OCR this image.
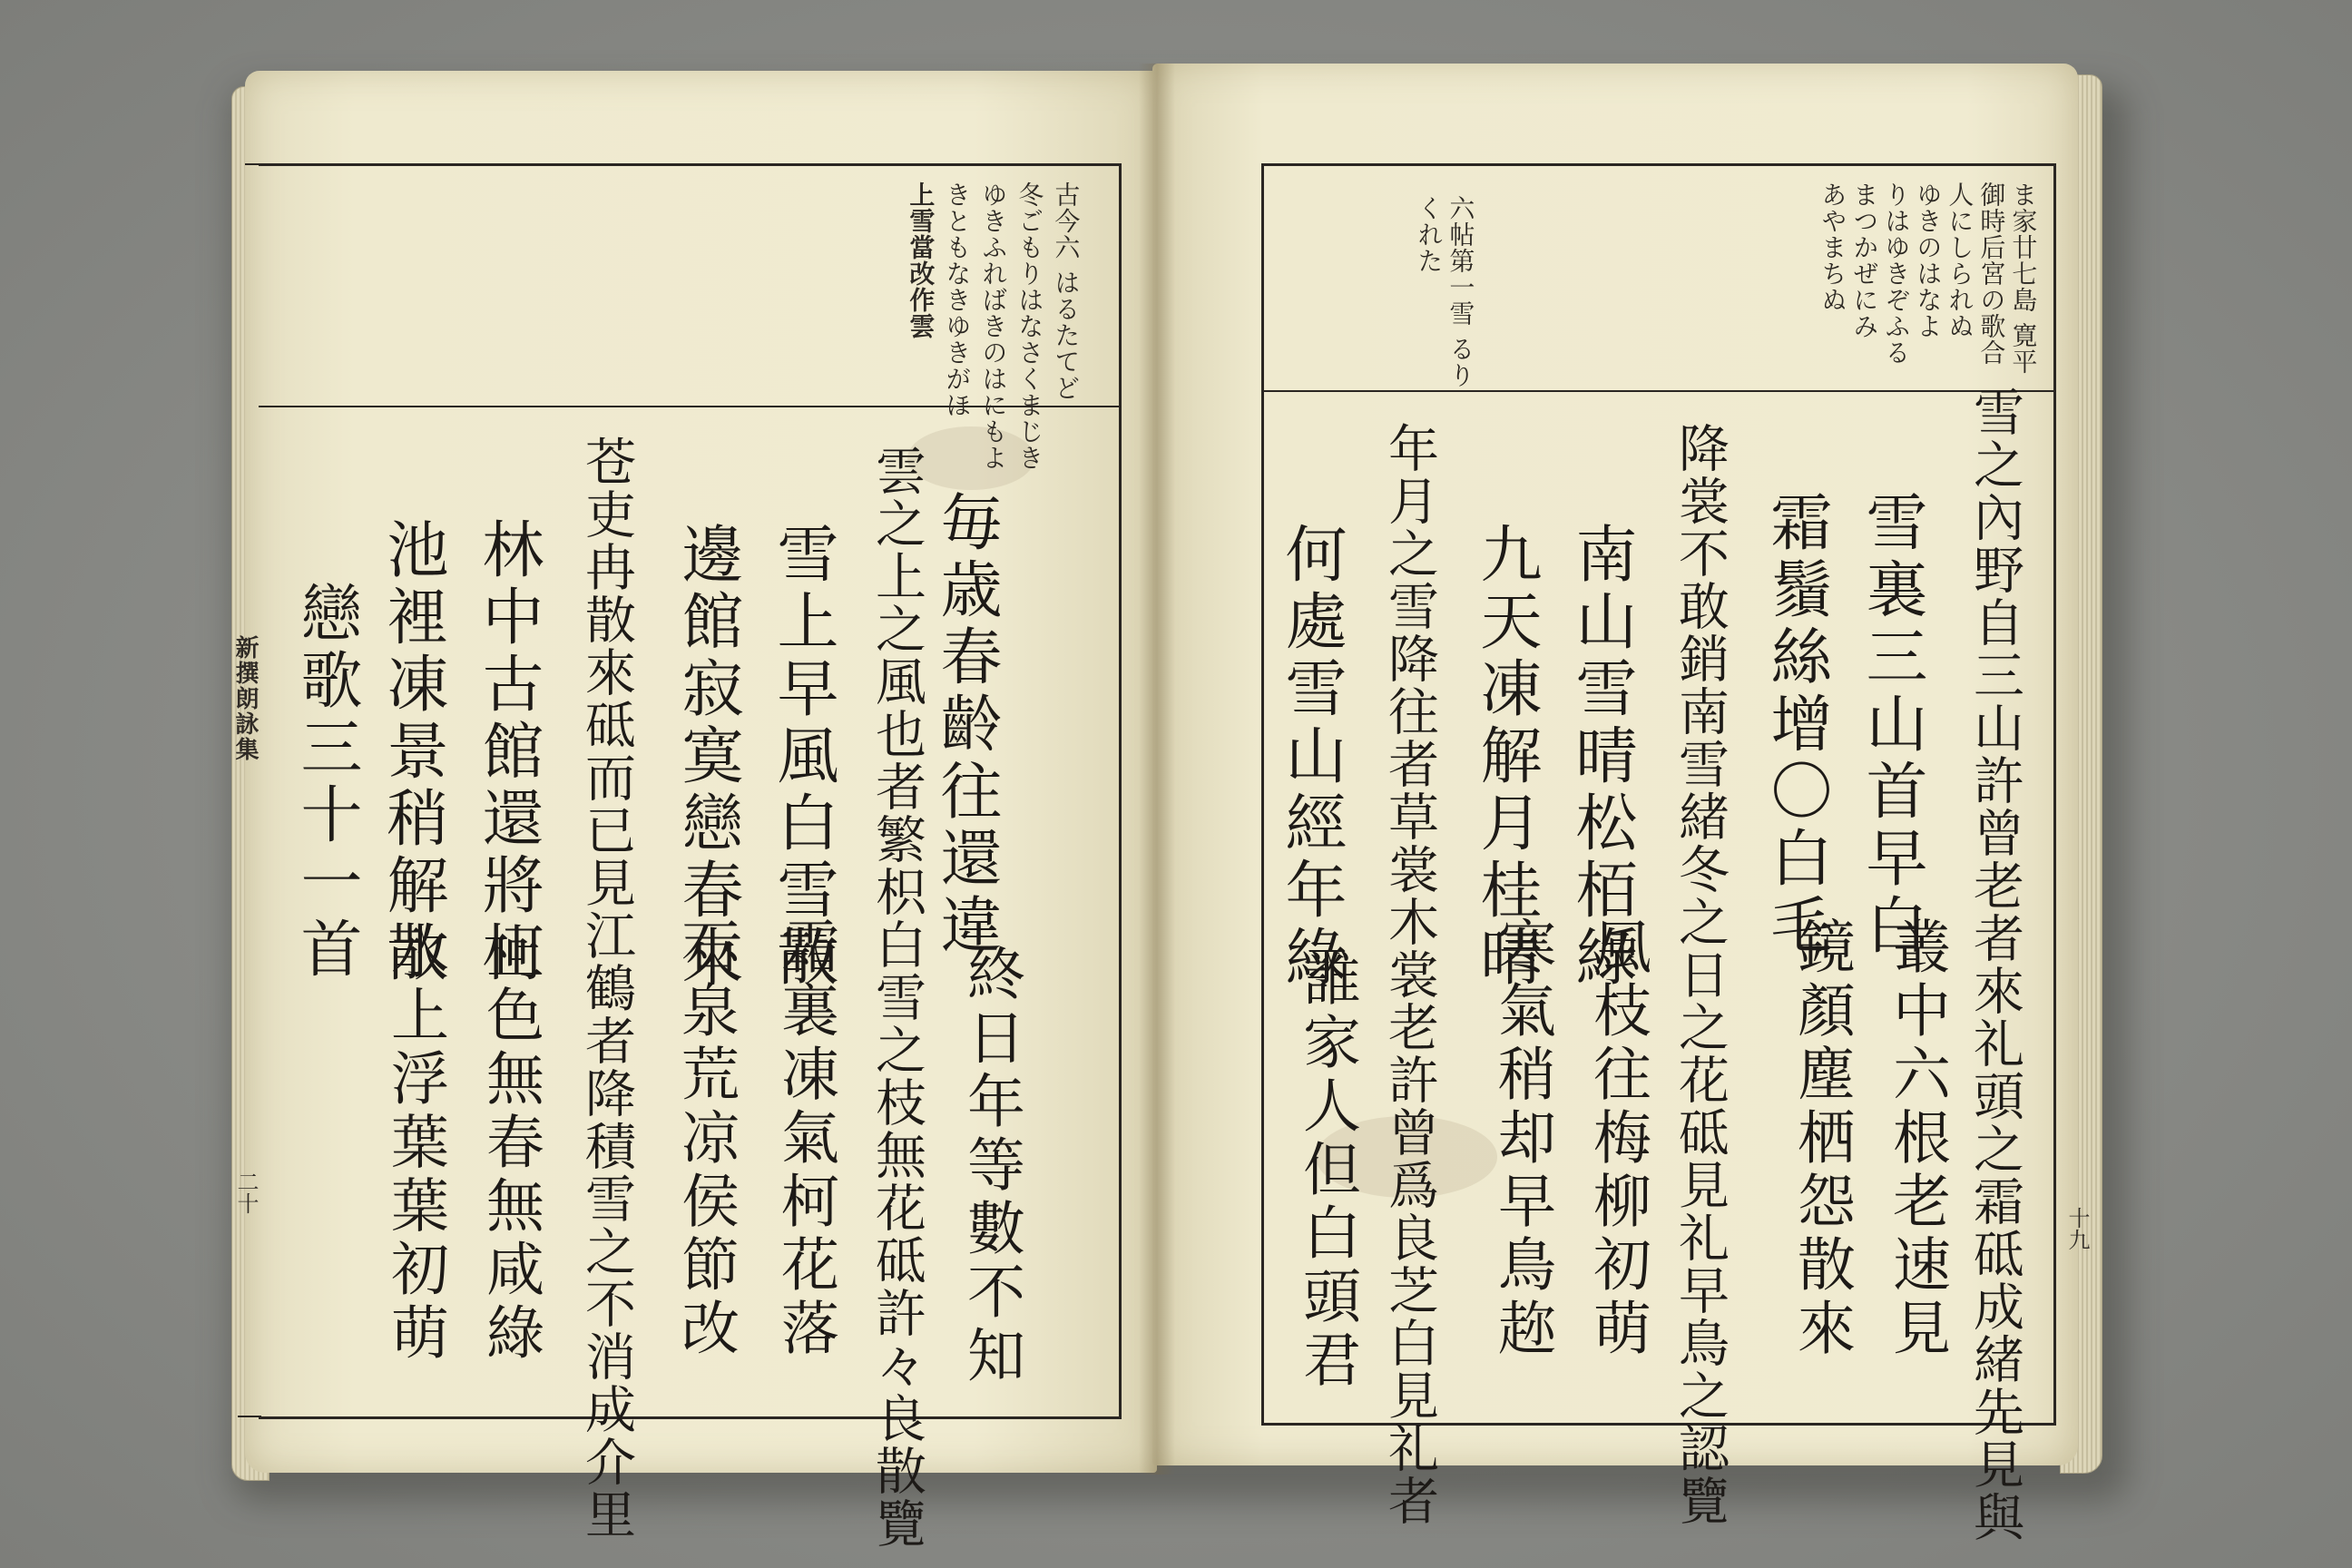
新撰朗詠集
二十
古今六 はるたてど
冬ごもりはなさくまじき
ゆきふればきのはにもよ
きともなきゆきがほ
上雪當改作雲
毎歳春齡往還違
雲之上之風也者繁枳白雪之枝無花砥許々良散覽
雪上早風白雪散
邊館寂寞戀春來
苍吏冉散來砥而已見江鶴者降積雪之不消成介里
林中古館還將柯
池裡凍景稍解散
戀歌三十一首
終日年等數不知
霜裏凍氣柯花落
石泉荒凉侯節改
止色無春無咸綠
水上浮葉葉初萌	十九
ま家廿七島 寛平
御時后宮の歌合
人にしられぬ
ゆきのはなよ
りはゆきぞふる
まつかぜにみ
あやまちぬ
六帖第一雪 るり
くれた
雪之內野自三山許曾老者來礼頭之霜砥成緒先見與
雪裏三山首早白
霜鬚絲增〇白毛
降裳不敢銷南雪緒冬之日之花砥見礼早鳥之認覽
南山雪晴松栢綠
九天凍解月桂晴
年月之雪降往者草裳木裳老許曾爲良芝白見礼者
何處雪山經年綠
叢中六根老速見
鏡顏塵栖怨散來
風枝往梅柳初萌
寒氣稍却早鳥趂
誰家人但白頭君
